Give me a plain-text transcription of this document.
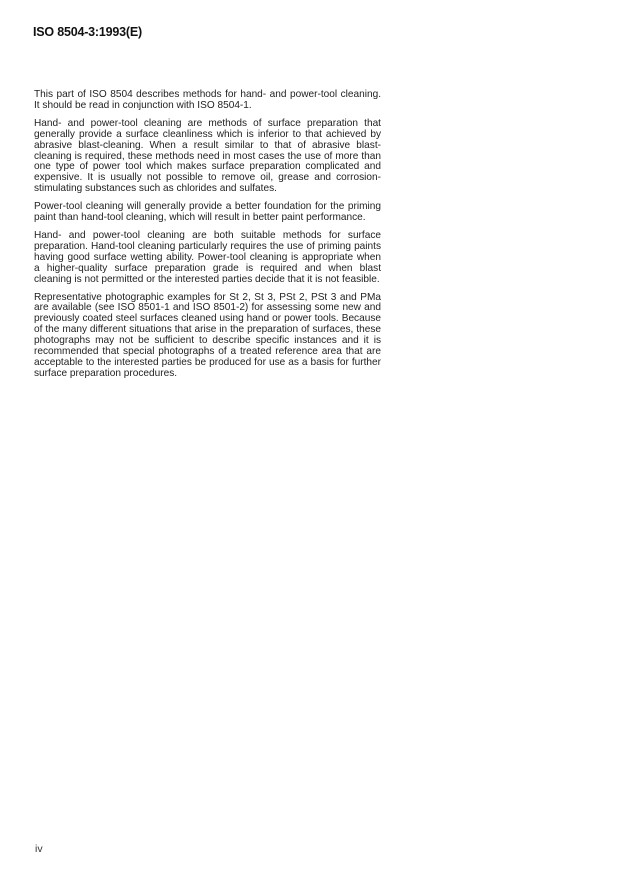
ISO 8504-3:1993(E)

This part of ISO 8504 describes methods for hand- and power-tool cleaning. It should be read in conjunction with ISO 8504-1.

Hand- and power-tool cleaning are methods of surface preparation that generally provide a surface cleanliness which is inferior to that achieved by abrasive blast-cleaning. When a result similar to that of abrasive blast-cleaning is required, these methods need in most cases the use of more than one type of power tool which makes surface preparation complicated and expensive. It is usually not possible to remove oil, grease and corrosion-stimulating substances such as chlorides and sulfates.

Power-tool cleaning will generally provide a better foundation for the priming paint than hand-tool cleaning, which will result in better paint performance.

Hand- and power-tool cleaning are both suitable methods for surface preparation. Hand-tool cleaning particularly requires the use of priming paints having good surface wetting ability. Power-tool cleaning is appropriate when a higher-quality surface preparation grade is required and when blast cleaning is not permitted or the interested parties decide that it is not feasible.

Representative photographic examples for St 2, St 3, PSt 2, PSt 3 and PMa are available (see ISO 8501-1 and ISO 8501-2) for assessing some new and previously coated steel surfaces cleaned using hand or power tools. Because of the many different situations that arise in the preparation of surfaces, these photographs may not be sufficient to describe specific instances and it is recommended that special photographs of a treated reference area that are acceptable to the interested parties be produced for use as a basis for further surface preparation procedures.

iv
